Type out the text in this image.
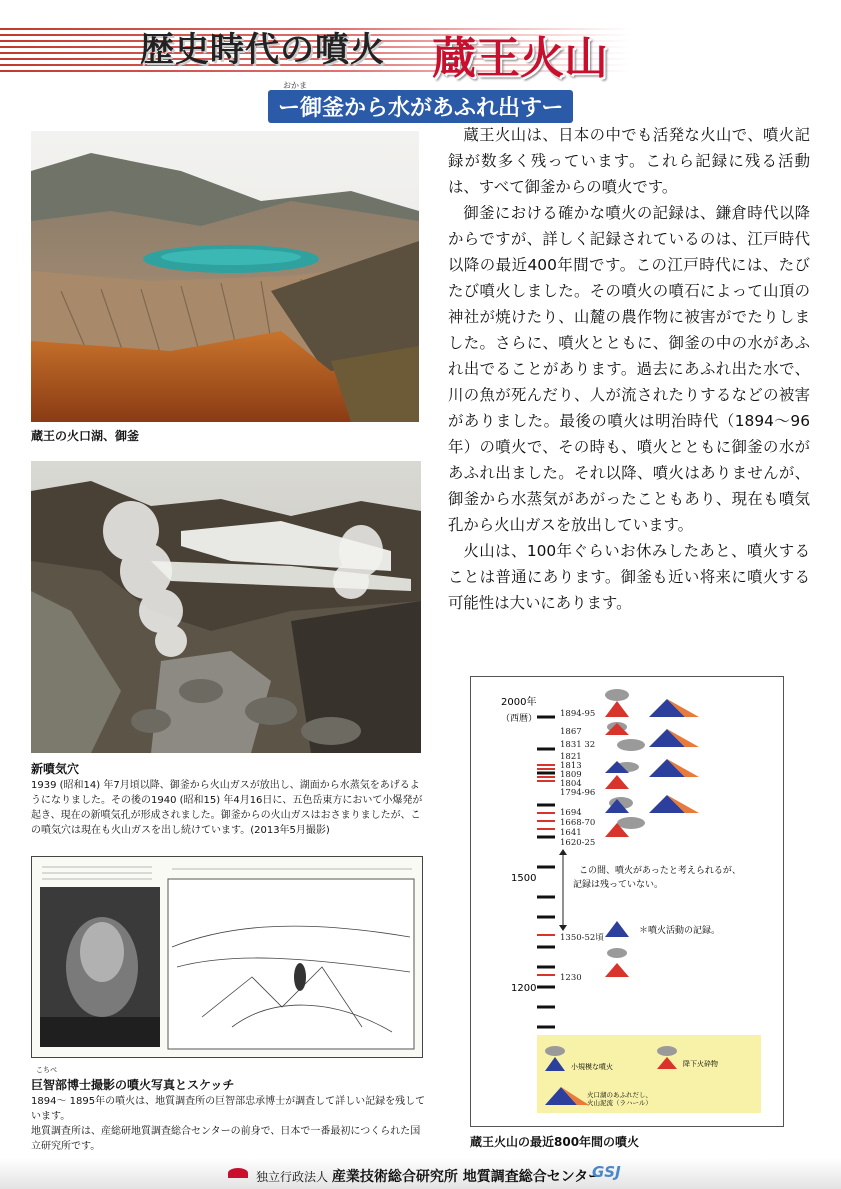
歴史時代の噴火 蔵王火山
おかま
ー御釜から水があふれ出すー
蔵王の火口湖、御釜
新噴気穴
1939 (昭和14) 年7月頃以降、御釜から火山ガスが放出し、湖面から水蒸気をあげるようになりました。その後の1940 (昭和15) 年4月16日に、五色岳東方において小爆発が起き、現在の新噴気孔が形成されました。御釜からの火山ガスはおさまりましたが、この噴気穴は現在も火山ガスを出し続けています。(2013年5月撮影)
こちべ
巨智部博士撮影の噴火写真とスケッチ
1894～ 1895年の噴火は、地質調査所の巨智部忠承博士が調査して詳しい記録を残しています。
地質調査所は、産総研地質調査総合センターの前身で、日本で一番最初につくられた国立研究所です。

蔵王火山は、日本の中でも活発な火山で、噴火記録が数多く残っています。これら記録に残る活動は、すべて御釜からの噴火です。

御釜における確かな噴火の記録は、鎌倉時代以降からですが、詳しく記録されているのは、江戸時代以降の最近400年間です。この江戸時代には、たびたび噴火しました。その噴火の噴石によって山頂の神社が焼けたり、山麓の農作物に被害がでたりしました。さらに、噴火とともに、御釜の中の水があふれ出でることがあります。過去にあふれ出た水で、川の魚が死んだり、人が流されたりするなどの被害がありました。最後の噴火は明治時代（1894～96年）の噴火で、その時も、噴火とともに御釜の水があふれ出ました。それ以降、噴火はありませんが、御釜から水蒸気があがったこともあり、現在も噴気孔から火山ガスを放出しています。

火山は、100年ぐらいお休みしたあと、噴火することは普通にあります。御釜も近い将来に噴火する可能性は大いにあります。

2000年
（西暦）
1500
1200
1894-95
1867
1831 32
1821
1813
1809
1804
1794-96
1694
1668-70
1641
1620-25
1350-52頃
1230
この間、噴火があったと考えられるが、
記録は残っていない。
＊噴火活動の記録。
小規模な噴火	降下火砕物
火口湖のあふれだし、
火山泥流（ラハール）
蔵王火山の最近800年間の噴火
独立行政法人 産業技術総合研究所 地質調査総合センター
GSJ
